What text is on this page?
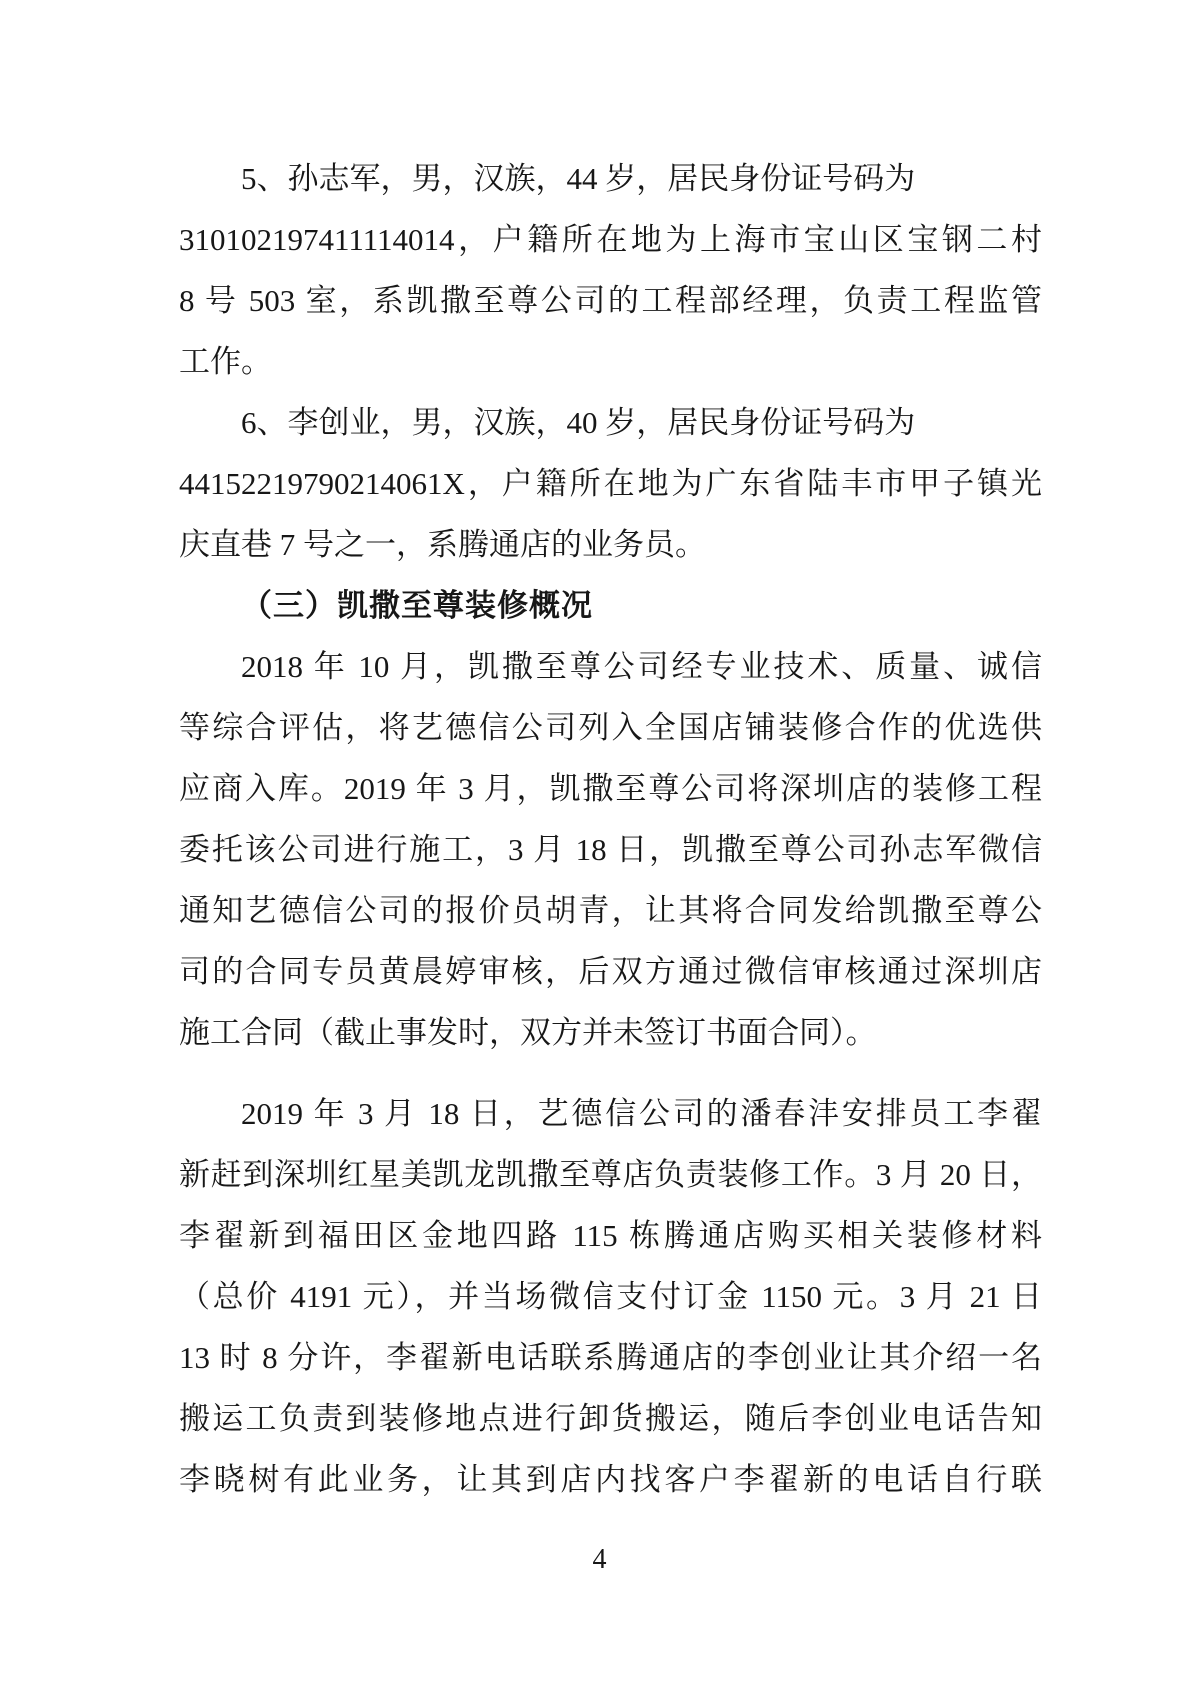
5、孙志军，男，汉族，44 岁，居民身份证号码为
310102197411114014，户籍所在地为上海市宝山区宝钢二村
8 号 503 室，系凯撒至尊公司的工程部经理，负责工程监管
工作。
6、李创业，男，汉族，40 岁，居民身份证号码为
44152219790214061X，户籍所在地为广东省陆丰市甲子镇光
庆直巷 7 号之一，系腾通店的业务员。
（三）凯撒至尊装修概况
2018 年 10 月，凯撒至尊公司经专业技术、质量、诚信
等综合评估，将艺德信公司列入全国店铺装修合作的优选供
应商入库。2019 年 3 月，凯撒至尊公司将深圳店的装修工程
委托该公司进行施工，3 月 18 日，凯撒至尊公司孙志军微信
通知艺德信公司的报价员胡青，让其将合同发给凯撒至尊公
司的合同专员黄晨婷审核，后双方通过微信审核通过深圳店
施工合同（截止事发时，双方并未签订书面合同）。
2019 年 3 月 18 日，艺德信公司的潘春沣安排员工李翟
新赶到深圳红星美凯龙凯撒至尊店负责装修工作。3 月 20 日，
李翟新到福田区金地四路 115 栋腾通店购买相关装修材料
（总价 4191 元），并当场微信支付订金 1150 元。3 月 21 日
13 时 8 分许，李翟新电话联系腾通店的李创业让其介绍一名
搬运工负责到装修地点进行卸货搬运，随后李创业电话告知
李晓树有此业务，让其到店内找客户李翟新的电话自行联
4
